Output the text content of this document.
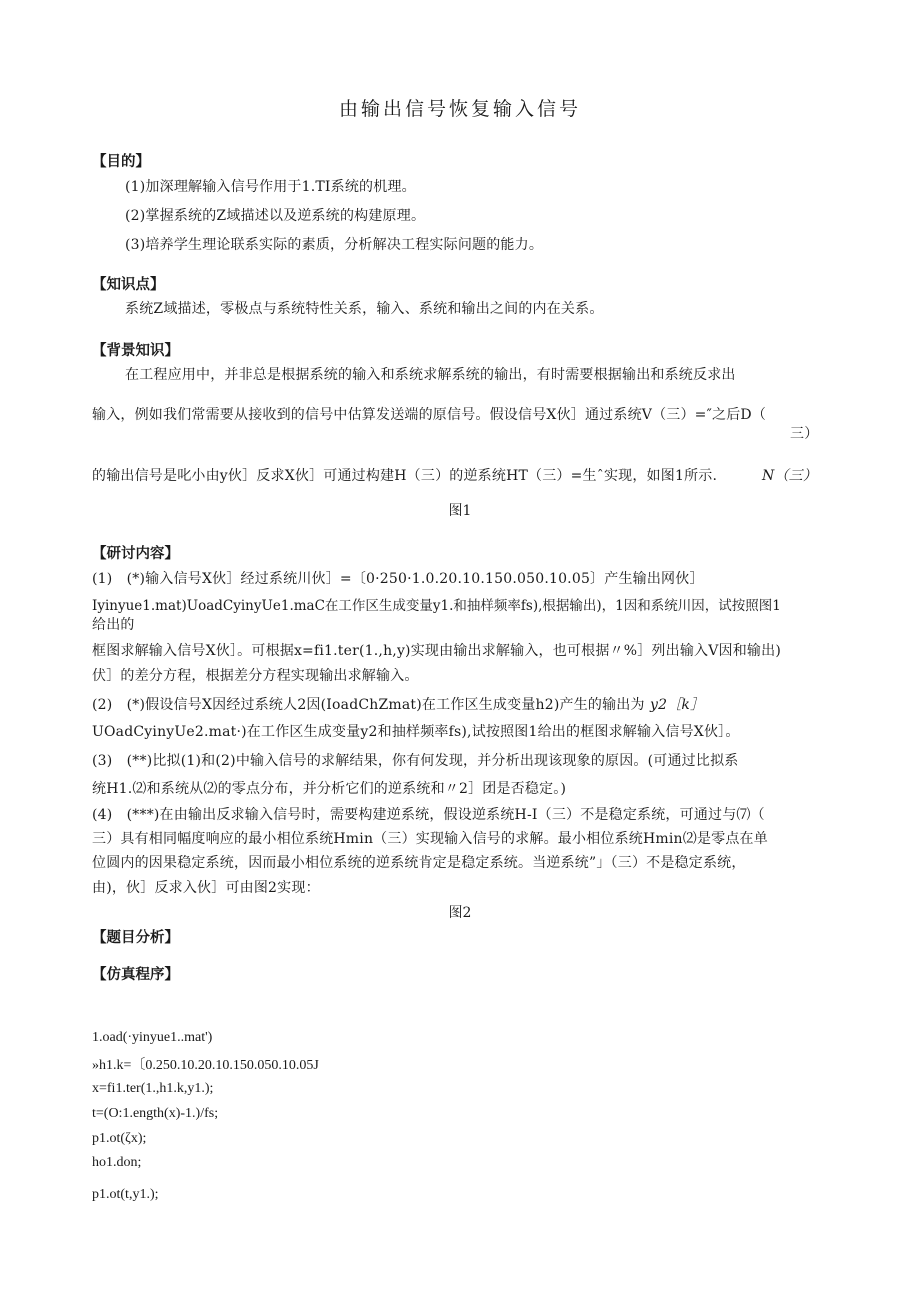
由输出信号恢复输入信号
【目的】
(1)加深理解输入信号作用于1.TI系统的机理。
(2)掌握系统的Z域描述以及逆系统的构建原理。
(3)培养学生理论联系实际的素质，分析解决工程实际问题的能力。
【知识点】
系统Z域描述，零极点与系统特性关系，输入、系统和输出之间的内在关系。
【背景知识】
在工程应用中，并非总是根据系统的输入和系统求解系统的输出，有时需要根据输出和系统反求出
输入，例如我们常需要从接收到的信号中估算发送端的原信号。假设信号X伙］通过系统V（三）=″之后D（
三）
的输出信号是叱小由y伙］反求X伙］可通过构建H（三）的逆系统HT（三）=生ˆ实现，如图1所示.	N（三）
图1
【研讨内容】
(1)　(*)输入信号X伙］经过系统川伙］=〔0·250·1.0.20.10.150.050.10.05〕产生输出网伙］
Iyinyue1.mat)UoadCyinyUe1.maC在工作区生成变量y1.和抽样频率fs),根据输出)，1因和系统川因，试按照图1
给出的
框图求解输入信号X伙］。可根据x=fi1.ter(1.,h,y)实现由输出求解输入，也可根据〃%］列出输入V因和输出)
伏］的差分方程，根据差分方程实现输出求解输入。
(2)　(*)假设信号X因经过系统人2因(IoadChZmat)在工作区生成变量h2)产生的输出为 y2［k］
UOadCyinyUe2.mat·)在工作区生成变量y2和抽样频率fs),试按照图1给出的框图求解输入信号X伙］。
(3)　(**)比拟(1)和(2)中输入信号的求解结果，你有何发现，并分析出现该现象的原因。(可通过比拟系
统H1.⑵和系统从⑵的零点分布，并分析它们的逆系统和〃2］团是否稳定。)
(4)　(***)在由输出反求输入信号时，需要构建逆系统，假设逆系统H-I（三）不是稳定系统，可通过与⑺（
三）具有相同幅度响应的最小相位系统Hmin（三）实现输入信号的求解。最小相位系统Hmin⑵是零点在单
位圆内的因果稳定系统，因而最小相位系统的逆系统肯定是稳定系统。当逆系统”」（三）不是稳定系统，
由)，伙］反求入伙］可由图2实现：
图2
【题目分析】
【仿真程序】
1.oad(·yinyue1..mat')
»h1.k=〔0.250.10.20.10.150.050.10.05J
x=fi1.ter(1.,h1.k,y1.);
t=(O:1.ength(x)-1.)/fs;
p1.ot(ζx);
ho1.don;
p1.ot(t,y1.);
